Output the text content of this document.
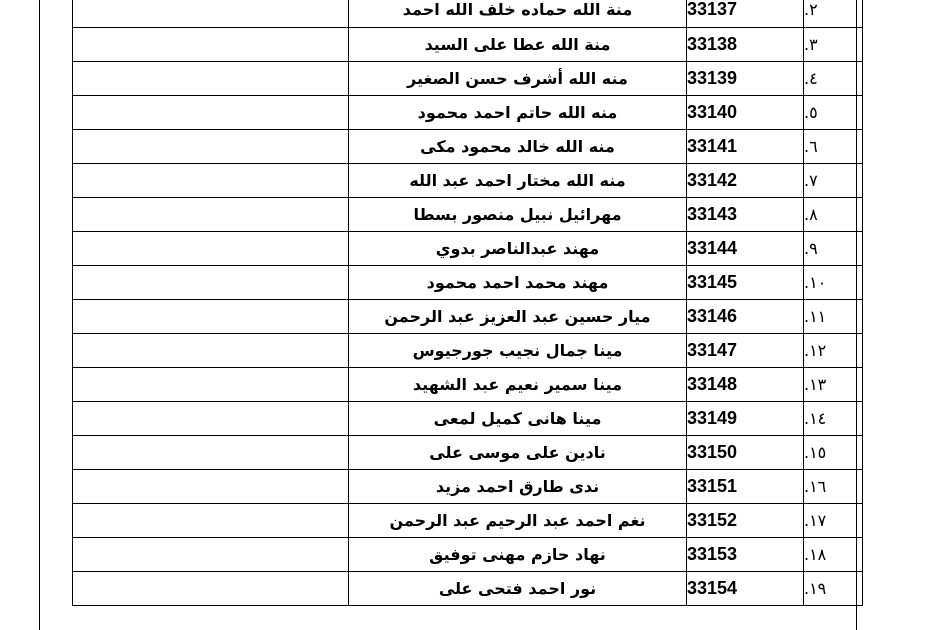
.٢	33137	منة الله حماده خلف الله احمد	
.٣	33138	منة الله عطا على السيد	
.٤	33139	منه الله أشرف حسن الصغير	
.٥	33140	منه الله حاتم احمد محمود	
.٦	33141	منه الله خالد محمود مكى	
.٧	33142	منه الله مختار احمد عبد الله	
.٨	33143	مهرائيل نبيل منصور بسطا	
.٩	33144	مهند عبدالناصر بدوي	
.١٠	33145	مهند محمد احمد محمود	
.١١	33146	ميار حسين عبد العزيز عبد الرحمن	
.١٢	33147	مينا جمال نجيب جورجيوس	
.١٣	33148	مينا سمير نعيم عبد الشهيد	
.١٤	33149	مينا هانى كميل لمعى	
.١٥	33150	نادين على موسى على	
.١٦	33151	ندى طارق احمد مزيد	
.١٧	33152	نغم احمد عبد الرحيم عبد الرحمن	
.١٨	33153	نهاد حازم مهنى توفيق	
.١٩	33154	نور احمد فتحى على	
